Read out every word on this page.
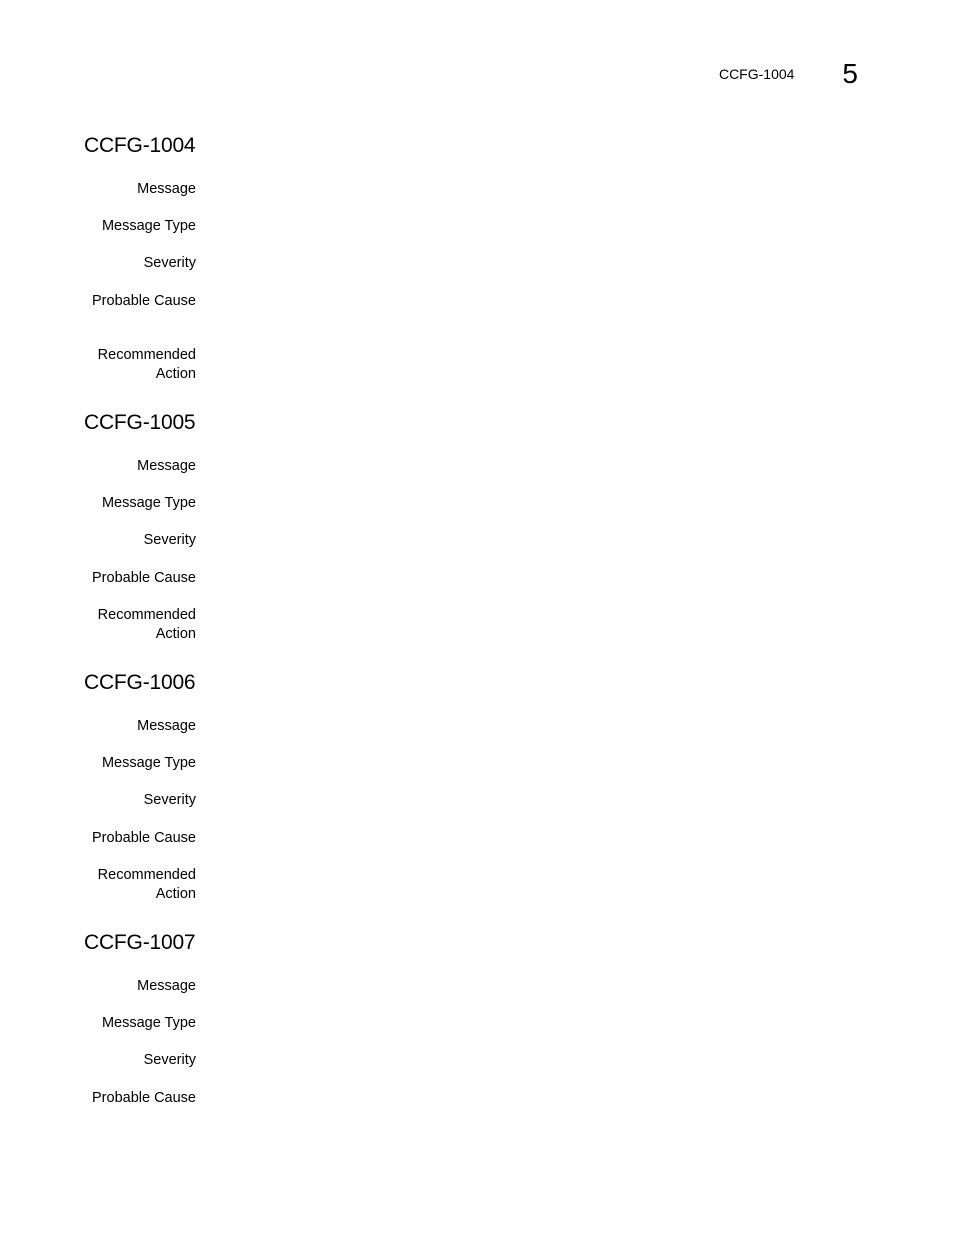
CCFG-1004 5
CCFG-1004
Message
Message Type
Severity
Probable Cause
Recommended
Action
CCFG-1005
Message
Message Type
Severity
Probable Cause
Recommended
Action
CCFG-1006
Message
Message Type
Severity
Probable Cause
Recommended
Action
CCFG-1007
Message
Message Type
Severity
Probable Cause
